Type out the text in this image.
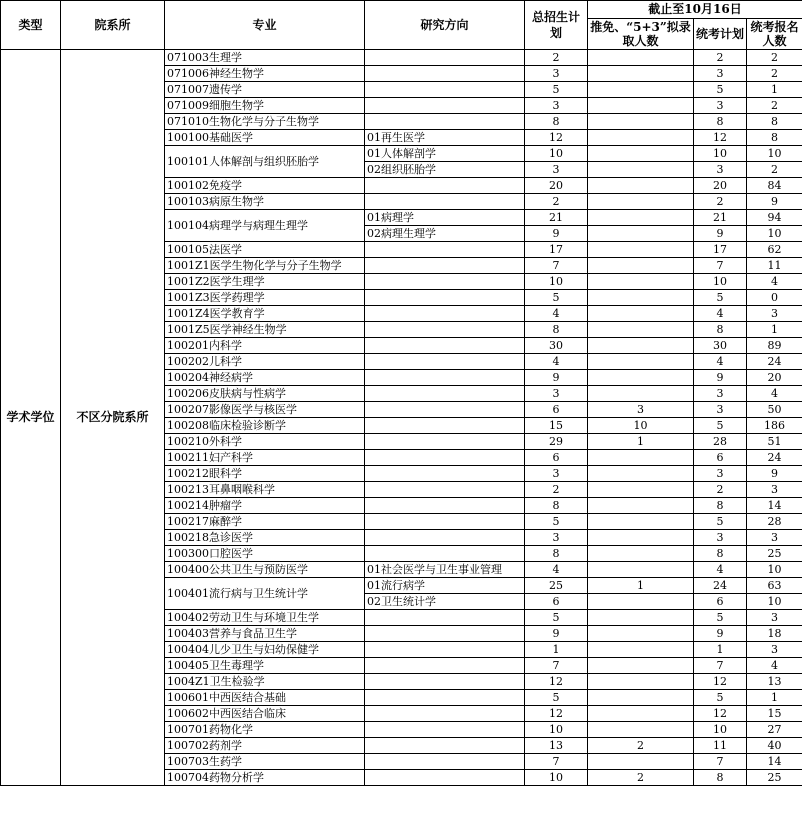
类型	院系所	专业	研究方向	总招生计划	截止至10月16日		
					推免、“5+3”拟录取人数	统考计划	统考报名人数
学术学位	不区分院系所	071003生理学		2		2	2
		071006神经生物学		3		3	2
		071007遗传学		5		5	1
		071009细胞生物学		3		3	2
		071010生物化学与分子生物学		8		8	8
		100100基础医学	01再生医学	12		12	8
		100101人体解剖与组织胚胎学	01人体解剖学	10		10	10
			02组织胚胎学	3		3	2
		100102免疫学		20		20	84
		100103病原生物学		2		2	9
		100104病理学与病理生理学	01病理学	21		21	94
			02病理生理学	9		9	10
		100105法医学		17		17	62
		1001Z1医学生物化学与分子生物学		7		7	11
		1001Z2医学生理学		10		10	4
		1001Z3医学药理学		5		5	0
		1001Z4医学教育学		4		4	3
		1001Z5医学神经生物学		8		8	1
		100201内科学		30		30	89
		100202儿科学		4		4	24
		100204神经病学		9		9	20
		100206皮肤病与性病学		3		3	4
		100207影像医学与核医学		6	3	3	50
		100208临床检验诊断学		15	10	5	186
		100210外科学		29	1	28	51
		100211妇产科学		6		6	24
		100212眼科学		3		3	9
		100213耳鼻咽喉科学		2		2	3
		100214肿瘤学		8		8	14
		100217麻醉学		5		5	28
		100218急诊医学		3		3	3
		100300口腔医学		8		8	25
		100400公共卫生与预防医学	01社会医学与卫生事业管理	4		4	10
		100401流行病与卫生统计学	01流行病学	25	1	24	63
			02卫生统计学	6		6	10
		100402劳动卫生与环境卫生学		5		5	3
		100403营养与食品卫生学		9		9	18
		100404儿少卫生与妇幼保健学		1		1	3
		100405卫生毒理学		7		7	4
		1004Z1卫生检验学		12		12	13
		100601中西医结合基础		5		5	1
		100602中西医结合临床		12		12	15
		100701药物化学		10		10	27
		100702药剂学		13	2	11	40
		100703生药学		7		7	14
		100704药物分析学		10	2	8	25
